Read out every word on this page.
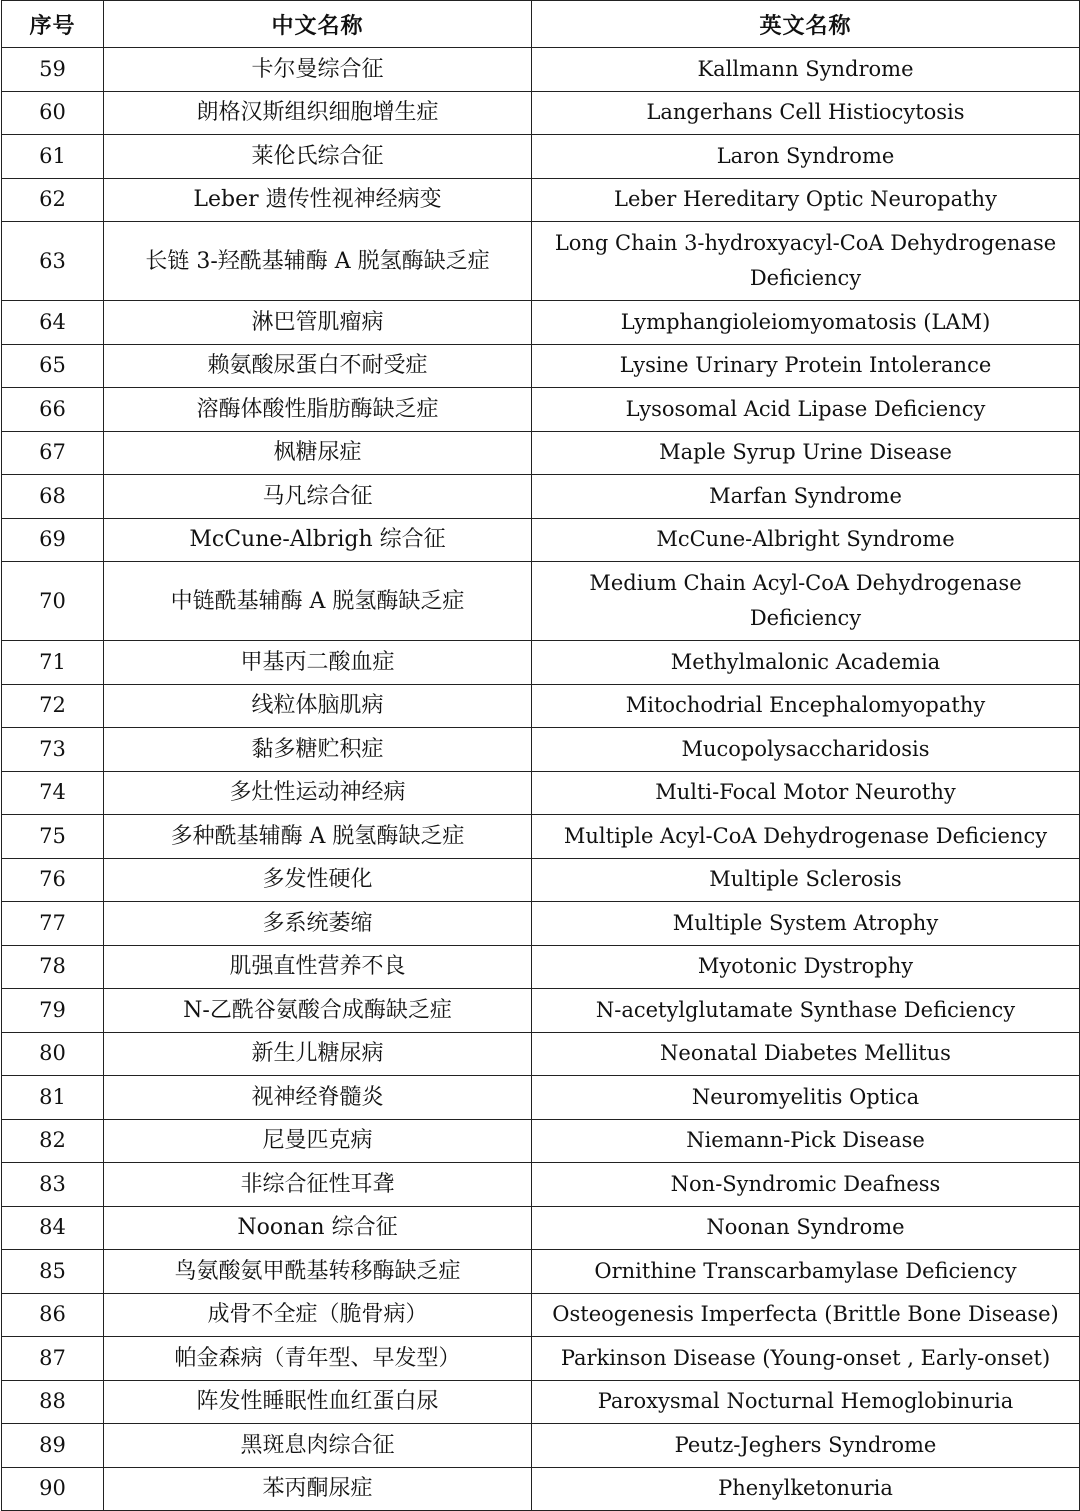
序号	中文名称	英文名称
59	卡尔曼综合征	Kallmann Syndrome
60	朗格汉斯组织细胞增生症	Langerhans Cell Histiocytosis
61	莱伦氏综合征	Laron Syndrome
62	Leber 遗传性视神经病变	Leber Hereditary Optic Neuropathy
63	长链 3-羟酰基辅酶 A 脱氢酶缺乏症	Long Chain 3-hydroxyacyl-CoA Dehydrogenase Deficiency
64	淋巴管肌瘤病	Lymphangioleiomyomatosis (LAM)
65	赖氨酸尿蛋白不耐受症	Lysine Urinary Protein Intolerance
66	溶酶体酸性脂肪酶缺乏症	Lysosomal Acid Lipase Deficiency
67	枫糖尿症	Maple Syrup Urine Disease
68	马凡综合征	Marfan Syndrome
69	McCune-Albrigh 综合征	McCune-Albright Syndrome
70	中链酰基辅酶 A 脱氢酶缺乏症	Medium Chain Acyl-CoA Dehydrogenase Deficiency
71	甲基丙二酸血症	Methylmalonic Academia
72	线粒体脑肌病	Mitochodrial Encephalomyopathy
73	黏多糖贮积症	Mucopolysaccharidosis
74	多灶性运动神经病	Multi-Focal Motor Neurothy
75	多种酰基辅酶 A 脱氢酶缺乏症	Multiple Acyl-CoA Dehydrogenase Deficiency
76	多发性硬化	Multiple Sclerosis
77	多系统萎缩	Multiple System Atrophy
78	肌强直性营养不良	Myotonic Dystrophy
79	N-乙酰谷氨酸合成酶缺乏症	N-acetylglutamate Synthase Deficiency
80	新生儿糖尿病	Neonatal Diabetes Mellitus
81	视神经脊髓炎	Neuromyelitis Optica
82	尼曼匹克病	Niemann-Pick Disease
83	非综合征性耳聋	Non-Syndromic Deafness
84	Noonan 综合征	Noonan Syndrome
85	鸟氨酸氨甲酰基转移酶缺乏症	Ornithine Transcarbamylase Deficiency
86	成骨不全症（脆骨病）	Osteogenesis Imperfecta (Brittle Bone Disease)
87	帕金森病（青年型、早发型）	Parkinson Disease (Young-onset , Early-onset)
88	阵发性睡眠性血红蛋白尿	Paroxysmal Nocturnal Hemoglobinuria
89	黑斑息肉综合征	Peutz-Jeghers Syndrome
90	苯丙酮尿症	Phenylketonuria
